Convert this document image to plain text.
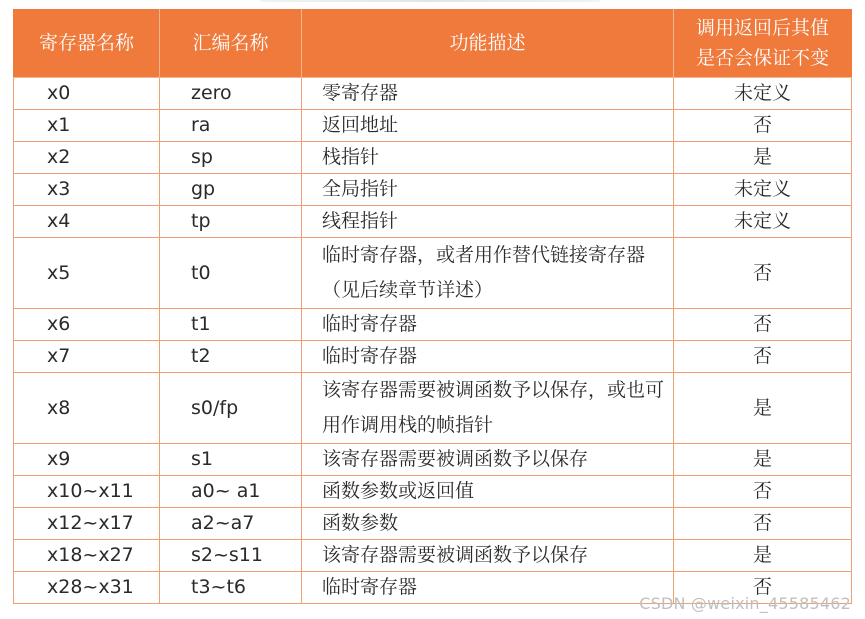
寄存器名称	汇编名称	功能描述	调用返回后其值
是否会保证不变

x0	zero	零寄存器	未定义
x1	ra	返回地址	否
x2	sp	栈指针	是
x3	gp	全局指针	未定义
x4	tp	线程指针	未定义
x5	t0	临时寄存器，或者用作替代链接寄存器（见后续章节详述）	否
x6	t1	临时寄存器	否
x7	t2	临时寄存器	否
x8	s0/fp	该寄存器需要被调函数予以保存，或也可用作调用栈的帧指针	是
x9	s1	该寄存器需要被调函数予以保存	是
x10~x11	a0~ a1	函数参数或返回值	否
x12~x17	a2~a7	函数参数	否
x18~x27	s2~s11	该寄存器需要被调函数予以保存	是
x28~x31	t3~t6	临时寄存器	否
CSDN @weixin_45585462
